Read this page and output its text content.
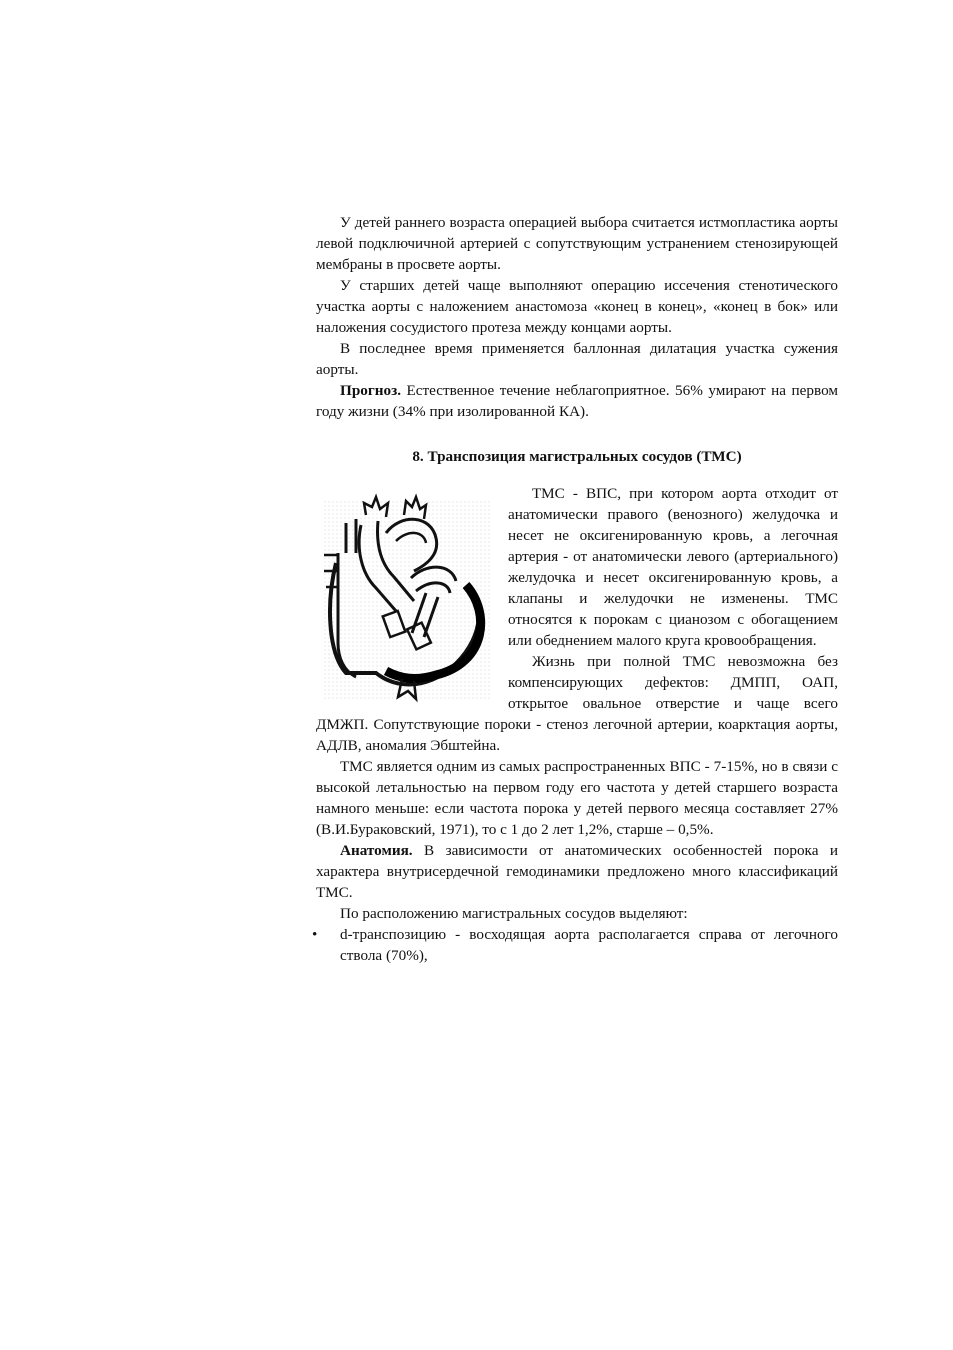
У детей раннего возраста операцией выбора считается истмопластика аорты левой подключичной артерией с сопутствующим устранением стенозирующей мембраны в просвете аорты.

У старших детей чаще выполняют операцию иссечения стенотического участка аорты с наложением анастомоза «конец в конец», «конец в бок» или наложения сосудистого протеза между концами аорты.

В последнее время применяется баллонная дилатация участка сужения аорты.

Прогноз. Естественное течение неблагоприятное. 56% умирают на первом году жизни (34% при изолированной КА).

8. Транспозиция магистральных сосудов (ТМС)

ТМС - ВПС, при котором аорта отходит от анатомически правого (венозного) желудочка и несет не оксигенированную кровь, а легочная артерия - от анатомически левого (артериального) желудочка и несет оксигенированную кровь, а клапаны и желудочки не изменены. ТМС относятся к порокам с цианозом с обогащением или обеднением малого круга кровообращения.

Жизнь при полной ТМС невозможна без компенсирующих дефектов: ДМПП, ОАП, открытое овальное отверстие и чаще всего ДМЖП. Сопутствующие пороки - стеноз легочной артерии, коарктация аорты, АДЛВ, аномалия Эбштейна.

ТМС является одним из самых распространенных ВПС - 7-15%, но в связи с высокой летальностью на первом году его частота у детей старшего возраста намного меньше: если частота порока у детей первого месяца составляет 27% (В.И.Бураковский, 1971), то с 1 до 2 лет 1,2%, старше – 0,5%.

Анатомия. В зависимости от анатомических особенностей порока и характера внутрисердечной гемодинамики предложено много классификаций ТМС.

По расположению магистральных сосудов выделяют:

• d-транспозицию - восходящая аорта располагается справа от легочного ствола (70%),
